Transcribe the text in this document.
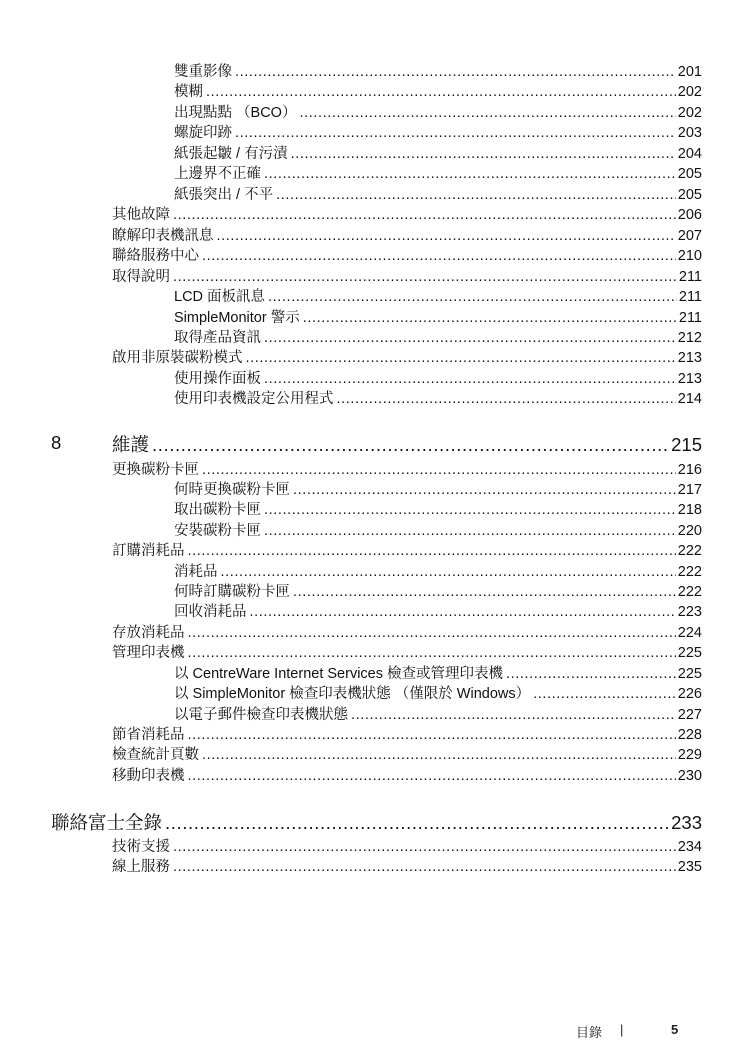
8
雙重影像 .....	201
模糊 .....	202
出現點點 （BCO） .....	202
螺旋印跡 .....	203
紙張起皺 / 有污漬 .....	204
上邊界不正確 .....	205
紙張突出 / 不平 .....	205
其他故障 .....	206
瞭解印表機訊息 .....	207
聯絡服務中心 .....	210
取得說明 .....	211
LCD 面板訊息 .....	211
SimpleMonitor 警示 .....	211
取得產品資訊 .....	212
啟用非原裝碳粉模式 .....	213
使用操作面板 .....	213
使用印表機設定公用程式 .....	214
維護 .....	215
更換碳粉卡匣 .....	216
何時更換碳粉卡匣 .....	217
取出碳粉卡匣 .....	218
安裝碳粉卡匣 .....	220
訂購消耗品 .....	222
消耗品 .....	222
何時訂購碳粉卡匣 .....	222
回收消耗品 .....	223
存放消耗品 .....	224
管理印表機 .....	225
以 CentreWare Internet Services 檢查或管理印表機 .....	225
以 SimpleMonitor 檢查印表機狀態 （僅限於 Windows） .....	226
以電子郵件檢查印表機狀態 .....	227
節省消耗品 .....	228
檢查統計頁數 .....	229
移動印表機 .....	230
聯絡富士全錄 .....	233
技術支援 .....	234
線上服務 .....	235
目錄 |	5
